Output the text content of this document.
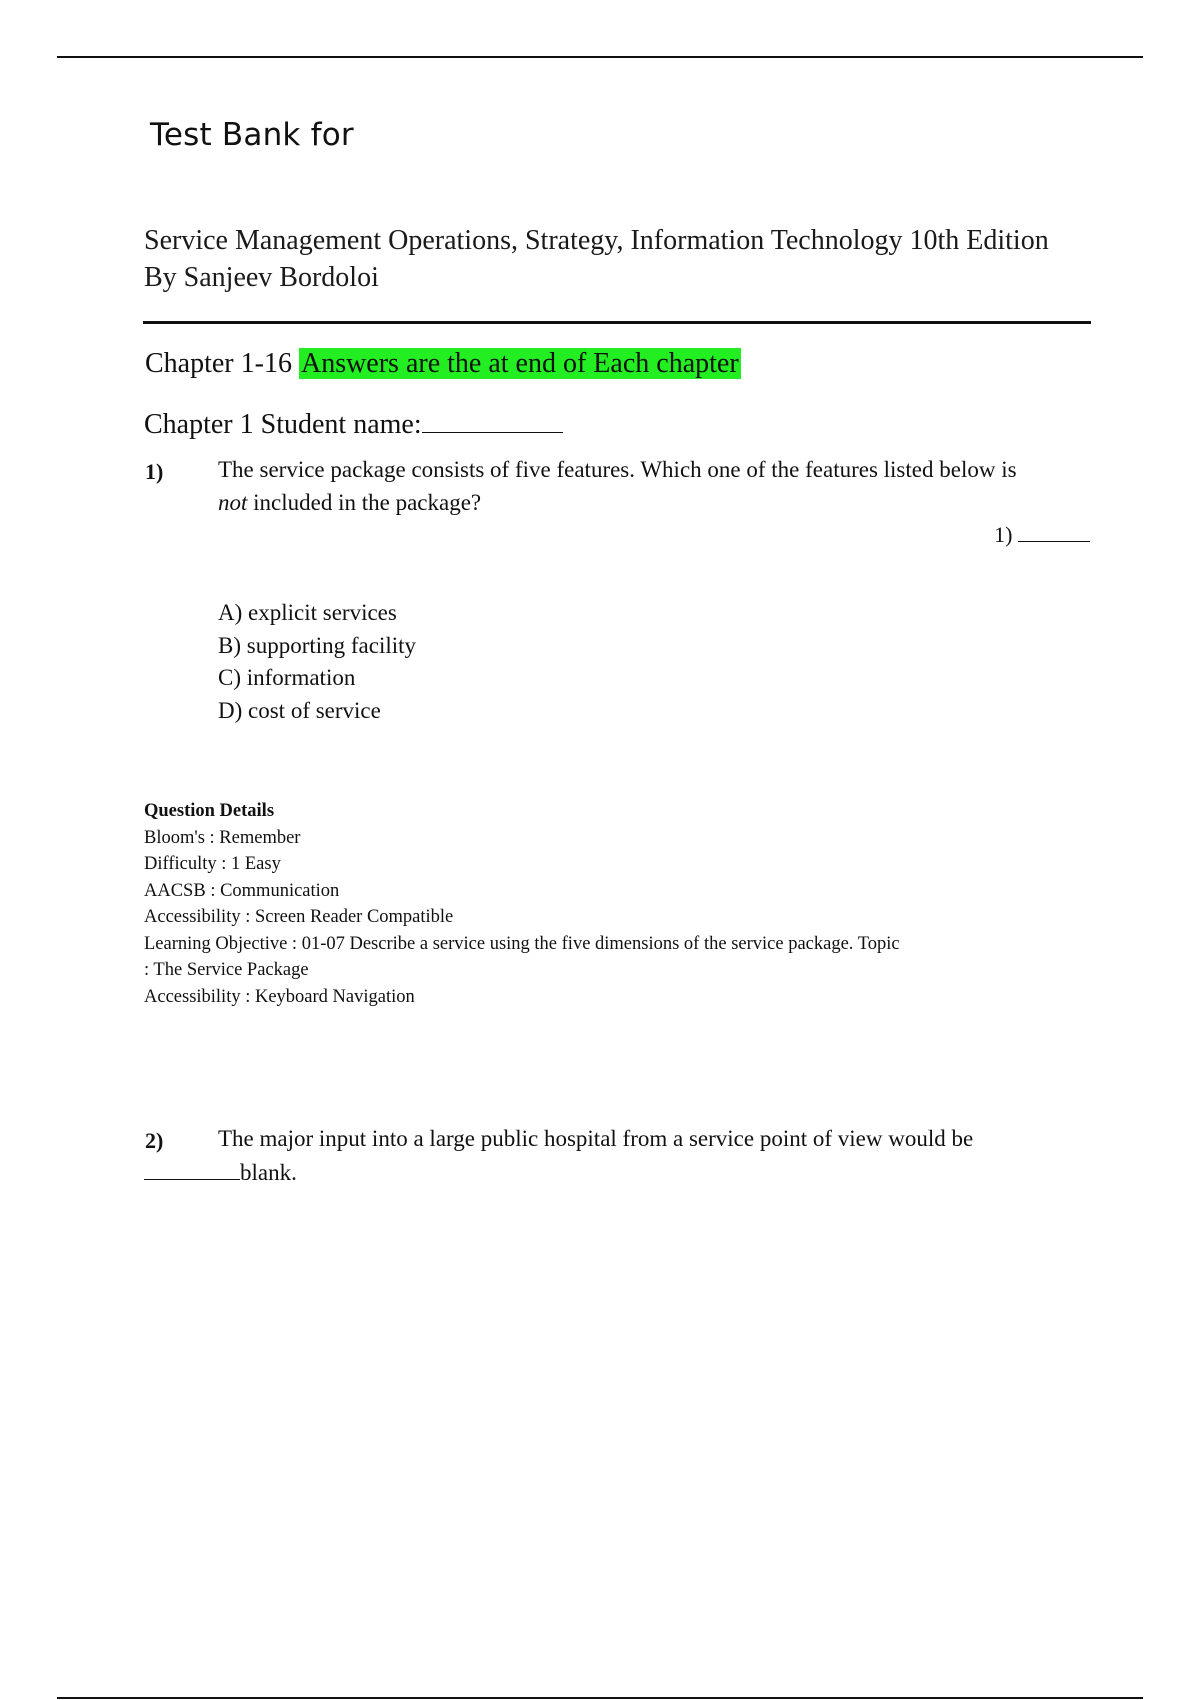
Test Bank for
Service Management Operations, Strategy, Information Technology 10th Edition
By Sanjeev Bordoloi
Chapter 1-16 Answers are the at end of Each chapter
Chapter 1 Student name:
1) The service package consists of five features. Which one of the features listed below is
not included in the package?
1)
A) explicit services
B) supporting facility
C) information
D) cost of service
Question Details
Bloom's : Remember
Difficulty : 1 Easy
AACSB : Communication
Accessibility : Screen Reader Compatible
Learning Objective : 01-07 Describe a service using the five dimensions of the service package. Topic
: The Service Package
Accessibility : Keyboard Navigation
2) The major input into a large public hospital from a service point of view would be
blank.
